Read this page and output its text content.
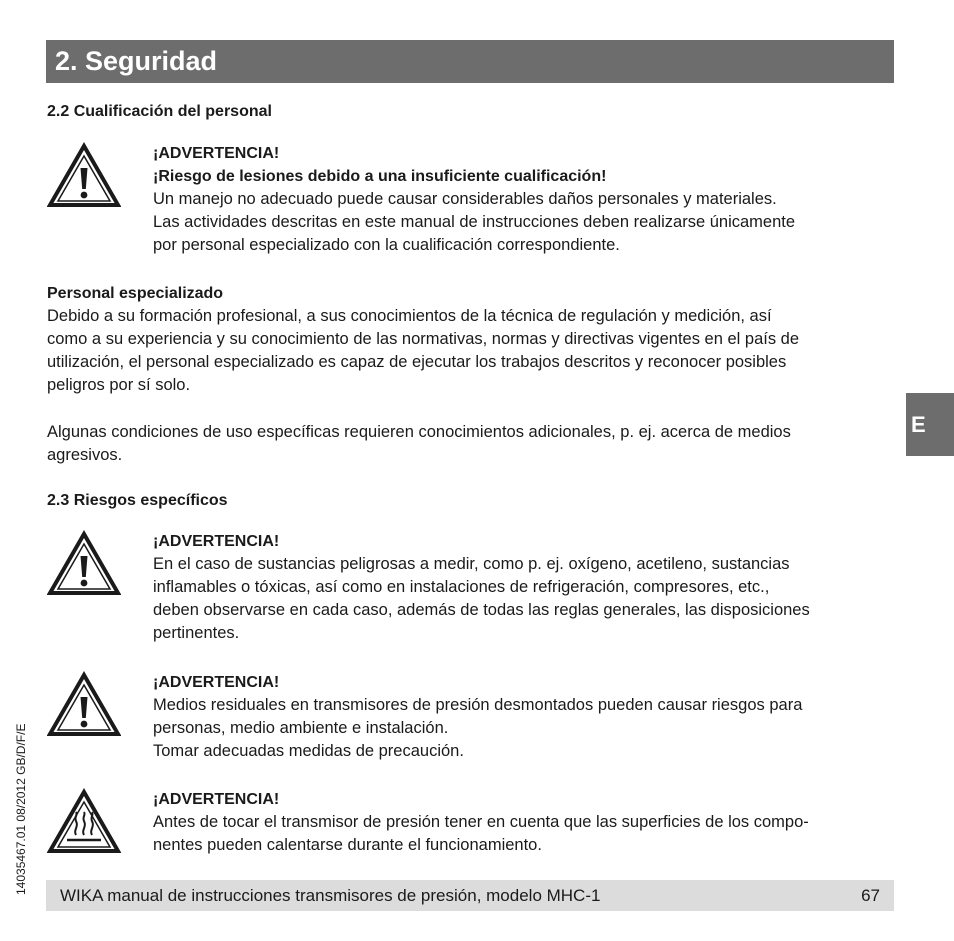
2. Seguridad
2.2 Cualificación del personal
¡ADVERTENCIA!
¡Riesgo de lesiones debido a una insuficiente cualificación!
Un manejo no adecuado puede causar considerables daños personales y materiales.
Las actividades descritas en este manual de instrucciones deben realizarse únicamente
por personal especializado con la cualificación correspondiente.
Personal especializado
Debido a su formación profesional, a sus conocimientos de la técnica de regulación y medición, así
como a su experiencia y su conocimiento de las normativas, normas y directivas vigentes en el país de
utilización, el personal especializado es capaz de ejecutar los trabajos descritos y reconocer posibles
peligros por sí solo.
Algunas condiciones de uso específicas requieren conocimientos adicionales, p. ej. acerca de medios
agresivos.
2.3 Riesgos específicos
¡ADVERTENCIA!
En el caso de sustancias peligrosas a medir, como p. ej. oxígeno, acetileno, sustancias
inflamables o tóxicas, así como en instalaciones de refrigeración, compresores, etc.,
deben observarse en cada caso, además de todas las reglas generales, las disposiciones
pertinentes.
¡ADVERTENCIA!
Medios residuales en transmisores de presión desmontados pueden causar riesgos para
personas, medio ambiente e instalación.
Tomar adecuadas medidas de precaución.
¡ADVERTENCIA!
Antes de tocar el transmisor de presión tener en cuenta que las superficies de los compo-
nentes pueden calentarse durante el funcionamiento.
E
14035467.01 08/2012 GB/D/F/E
WIKA manual de instrucciones transmisores de presión, modelo MHC-1	67
